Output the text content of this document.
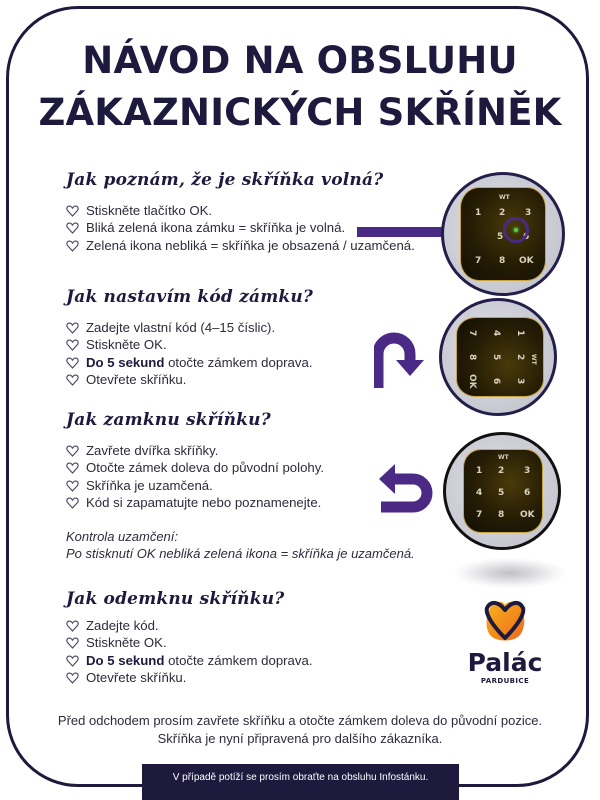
NÁVOD NA OBSLUHU
ZÁKAZNICKÝCH SKŘÍNĚK
Jak poznám, že je skříňka volná?
Stiskněte tlačítko OK.
Bliká zelená ikona zámku = skříňka je volná.
Zelená ikona nebliká = skříňka je obsazená / uzamčená.
WT
1 2 3
5 6
7 8 OK
Jak nastavím kód zámku?
Zadejte vlastní kód (4–15 číslic).
Stiskněte OK.
Do 5 sekund otočte zámkem doprava.
Otevřete skříňku.
WT
1
2
3
4
5
6
7
8
OK
Jak zamknu skříňku?
Zavřete dvířka skříňky.
Otočte zámek doleva do původní polohy.
Skříňka je uzamčená.
Kód si zapamatujte nebo poznamenejte.
Kontrola uzamčení:
Po stisknutí OK nebliká zelená ikona = skříňka je uzamčená.
WT
1 2 3
4 5 6
7 8 OK
Jak odemknu skříňku?
Zadejte kód.
Stiskněte OK.
Do 5 sekund otočte zámkem doprava.
Otevřete skříňku.
Palác
PARDUBICE
Před odchodem prosím zavřete skříňku a otočte zámkem doleva do původní pozice.
Skříňka je nyní připravená pro dalšího zákazníka.
V případě potíží se prosím obraťte na obsluhu Infostánku.
